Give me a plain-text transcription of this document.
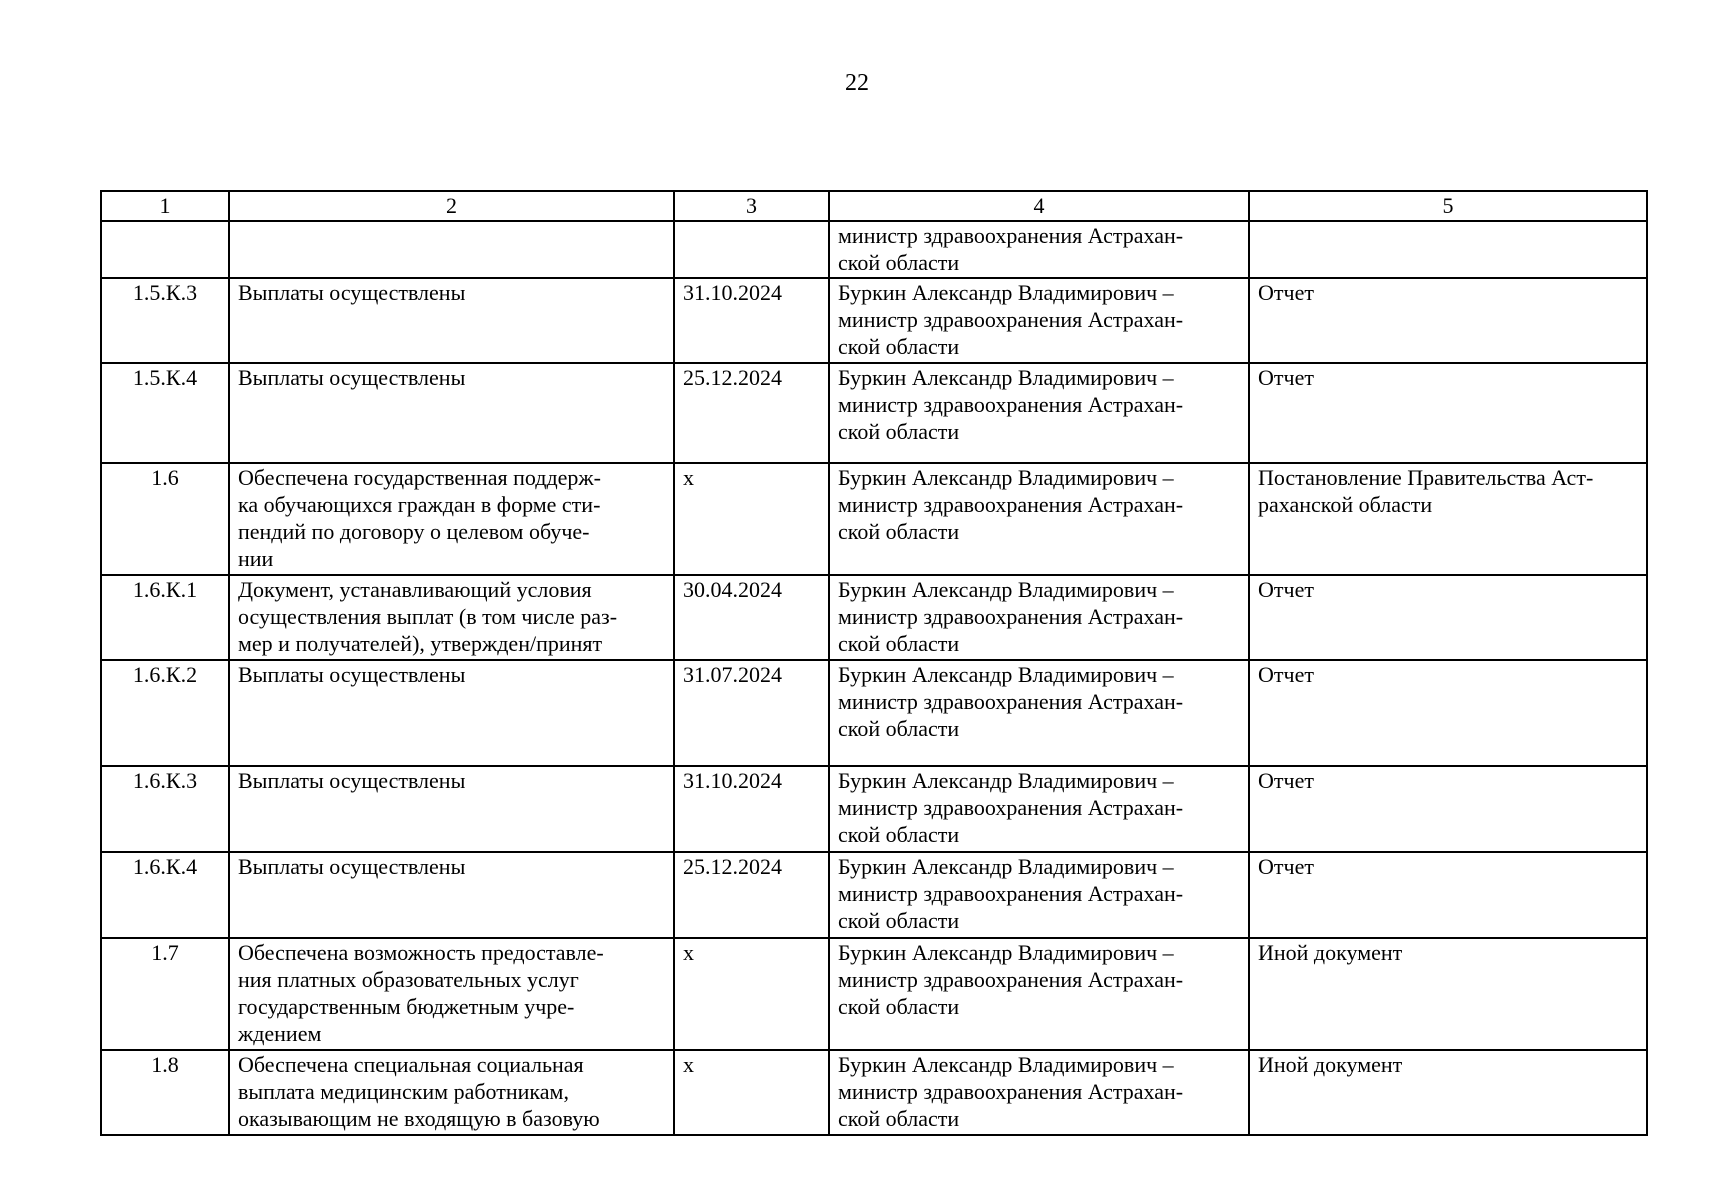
22
1	2	3	4	5
			министр здравоохранения Астрахан-
ской области	
1.5.К.3	Выплаты осуществлены	31.10.2024	Буркин Александр Владимирович –
министр здравоохранения Астрахан-
ской области	Отчет
1.5.К.4	Выплаты осуществлены	25.12.2024	Буркин Александр Владимирович –
министр здравоохранения Астрахан-
ской области	Отчет
1.6	Обеспечена государственная поддерж-
ка обучающихся граждан в форме сти-
пендий по договору о целевом обуче-
нии	x	Буркин Александр Владимирович –
министр здравоохранения Астрахан-
ской области	Постановление Правительства Аст-
раханской области
1.6.К.1	Документ, устанавливающий условия
осуществления выплат (в том числе раз-
мер и получателей), утвержден/принят	30.04.2024	Буркин Александр Владимирович –
министр здравоохранения Астрахан-
ской области	Отчет
1.6.К.2	Выплаты осуществлены	31.07.2024	Буркин Александр Владимирович –
министр здравоохранения Астрахан-
ской области	Отчет
1.6.К.3	Выплаты осуществлены	31.10.2024	Буркин Александр Владимирович –
министр здравоохранения Астрахан-
ской области	Отчет
1.6.К.4	Выплаты осуществлены	25.12.2024	Буркин Александр Владимирович –
министр здравоохранения Астрахан-
ской области	Отчет
1.7	Обеспечена возможность предоставле-
ния платных образовательных услуг
государственным бюджетным учре-
ждением	x	Буркин Александр Владимирович –
министр здравоохранения Астрахан-
ской области	Иной документ
1.8	Обеспечена специальная социальная
выплата медицинским работникам,
оказывающим не входящую в базовую	x	Буркин Александр Владимирович –
министр здравоохранения Астрахан-
ской области	Иной документ
